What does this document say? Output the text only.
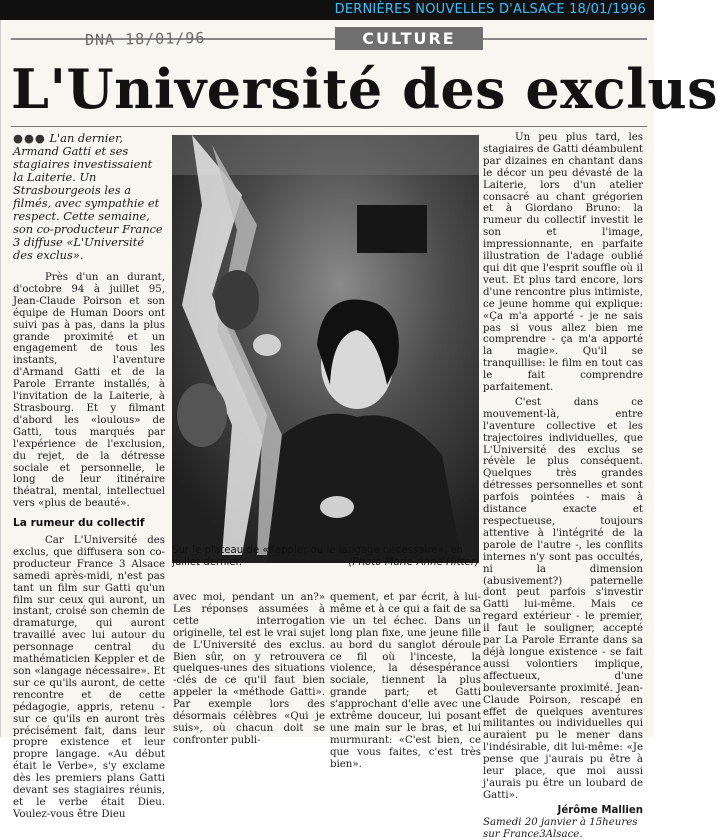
DERNIÈRES NOUVELLES D'ALSACE 18/01/1996
DNA 18/01/96	CULTURE
L'Université des exclus

●●● L'an dernier, Armand Gatti et ses stagiaires investissaient la Laiterie. Un Strasbourgeois les a filmés, avec sympathie et respect. Cette semaine, son co-producteur France 3 diffuse «L'Université des exclus».

Près d'un an durant, d'octobre 94 à juillet 95, Jean-Claude Poirson et son équipe de Human Doors ont suivi pas à pas, dans la plus grande proximité et un engagement de tous les instants, l'aventure d'Armand Gatti et de la Parole Errante installés, à l'invitation de la Laiterie, à Strasbourg. Et y filmant d'abord les «loulous» de Gatti, tous marqués par l'expérience de l'exclusion, du rejet, de la détresse sociale et personnelle, le long de leur itinéraire théatral, mental, intellectuel vers «plus de beauté».

La rumeur du collectif

Car L'Université des exclus, que diffusera son co-producteur France 3 Alsace samedi après-midi, n'est pas tant un film sur Gatti qu'un film sur ceux qui auront, un instant, croisé son chemin de dramaturge, qui auront travaillé avec lui autour du personnage central du mathématicien Keppler et de son «langage nécessaire». Et sur ce qu'ils auront, de cette rencontre et de cette pédagogie, appris, retenu - sur ce qu'ils en auront très précisément fait, dans leur propre existence et leur propre langage. «Au début était le Verbe», s'y exclame dès les premiers plans Gatti devant ses stagiaires réunis, et le verbe était Dieu. Voulez-vous être Dieu

Sur le plateau de «Keppler ou le langage nécessaire», en juillet dernier.	(Photo Marie-Anne Hitter)

avec moi, pendant un an?» Les réponses assumées à cette interrogation originelle, tel est le vrai sujet de L'Université des exclus. Bien sûr, on y retrouvera quelques-unes des situations -clés de ce qu'il faut bien appeler la «méthode Gatti». Par exemple lors des désormais célèbres «Qui je suis», où chacun doit se confronter publi-

quement, et par écrit, à lui-même et à ce qui a fait de sa vie un tel échec. Dans un long plan fixe, une jeune fille au bord du sanglot déroule ce fil où l'inceste, la violence, la désespérance sociale, tiennent la plus grande part; et Gatti s'approchant d'elle avec une extrême douceur, lui posant une main sur le bras, et lui murmurant: «C'est bien, ce que vous faites, c'est très bien».

Un peu plus tard, les stagiaires de Gatti déambulent par dizaines en chantant dans le décor un peu dévasté de la Laiterie, lors d'un atelier consacré au chant grégorien et à Giordano Bruno: la rumeur du collectif investit le son et l'image, impressionnante, en parfaite illustration de l'adage oublié qui dit que l'esprit souffle où il veut. Et plus tard encore, lors d'une rencontre plus intimiste, ce jeune homme qui explique: «Ça m'a apporté - je ne sais pas si vous allez bien me comprendre - ça m'a apporté la magie». Qu'il se tranquillise: le film en tout cas le fait comprendre parfaitement.

C'est dans ce mouvement-là, entre l'aventure collective et les trajectoires individuelles, que L'Université des exclus se révèle le plus conséquent. Quelques très grandes détresses personnelles et sont parfois pointées - mais à distance exacte et respectueuse, toujours attentive à l'intégrité de la parole de l'autre -, les conflits internes n'y sont pas occultés, ni la dimension (abusivement?) paternelle dont peut parfois s'investir Gatti lui-même. Mais ce regard extérieur - le premier, il faut le souligner, accepté par La Parole Errante dans sa déjà longue existence - se fait aussi volontiers implique, affectueux, d'une bouleversante proximité. Jean-Claude Poirson, rescapé en effet de quelques aventures militantes ou individuelles qui auraient pu le mener dans l'indésirable, dit lui-même: «Je pense que j'aurais pu être à leur place, que moi aussi j'aurais pu être un loubard de Gatti».

Jérôme Mallien

Samedi 20 janvier à 15heures sur France3Alsace.
